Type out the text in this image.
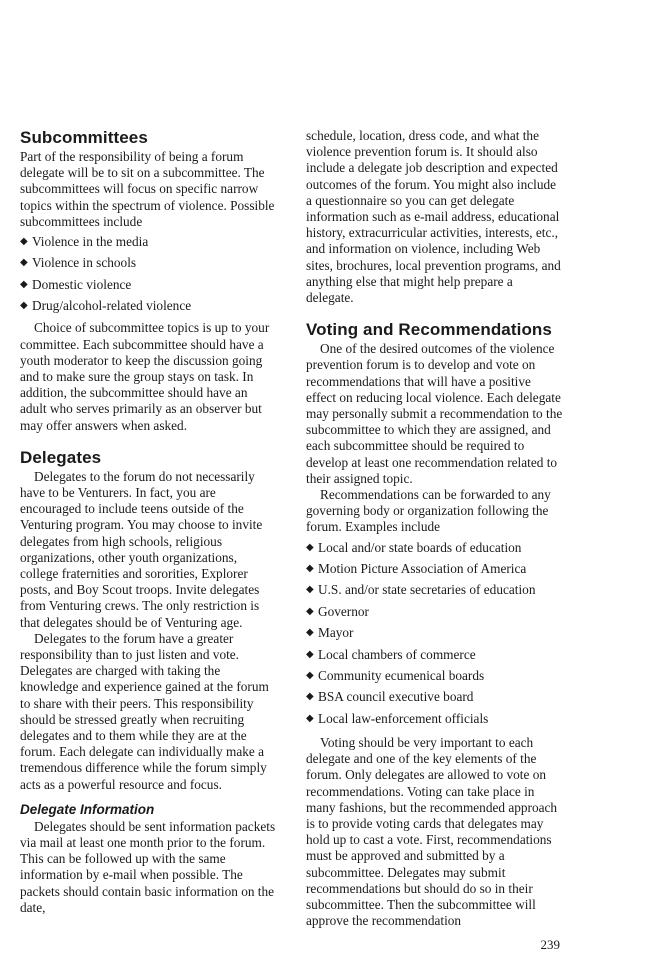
Subcommittees

Part of the responsibility of being a forum delegate will be to sit on a subcommittee. The subcommittees will focus on specific narrow topics within the spectrum of violence. Possible subcommittees include

◆ Violence in the media
◆ Violence in schools
◆ Domestic violence
◆ Drug/alcohol-related violence

Choice of subcommittee topics is up to your committee. Each subcommittee should have a youth moderator to keep the discussion going and to make sure the group stays on task. In addition, the subcommittee should have an adult who serves primarily as an observer but may offer answers when asked.

Delegates

Delegates to the forum do not necessarily have to be Venturers. In fact, you are encouraged to include teens outside of the Venturing program. You may choose to invite delegates from high schools, religious organizations, other youth organizations, college fraternities and sororities, Explorer posts, and Boy Scout troops. Invite delegates from Venturing crews. The only restriction is that delegates should be of Venturing age.

Delegates to the forum have a greater responsibility than to just listen and vote. Delegates are charged with taking the knowledge and experience gained at the forum to share with their peers. This responsibility should be stressed greatly when recruiting delegates and to them while they are at the forum. Each delegate can individually make a tremendous difference while the forum simply acts as a powerful resource and focus.

Delegate Information

Delegates should be sent information packets via mail at least one month prior to the forum. This can be followed up with the same information by e-mail when possible. The packets should contain basic information on the date,

schedule, location, dress code, and what the violence prevention forum is. It should also include a delegate job description and expected outcomes of the forum. You might also include a questionnaire so you can get delegate information such as e-mail address, educational history, extracurricular activities, interests, etc., and information on violence, including Web sites, brochures, local prevention programs, and anything else that might help prepare a delegate.

Voting and Recommendations

One of the desired outcomes of the violence prevention forum is to develop and vote on recommendations that will have a positive effect on reducing local violence. Each delegate may personally submit a recommendation to the subcommittee to which they are assigned, and each subcommittee should be required to develop at least one recommendation related to their assigned topic.

Recommendations can be forwarded to any governing body or organization following the forum. Examples include

◆ Local and/or state boards of education
◆ Motion Picture Association of America
◆ U.S. and/or state secretaries of education
◆ Governor
◆ Mayor
◆ Local chambers of commerce
◆ Community ecumenical boards
◆ BSA council executive board
◆ Local law-enforcement officials

Voting should be very important to each delegate and one of the key elements of the forum. Only delegates are allowed to vote on recommendations. Voting can take place in many fashions, but the recommended approach is to provide voting cards that delegates may hold up to cast a vote. First, recommendations must be approved and submitted by a subcommittee. Delegates may submit recommendations but should do so in their subcommittee. Then the subcommittee will approve the recommendation

239
